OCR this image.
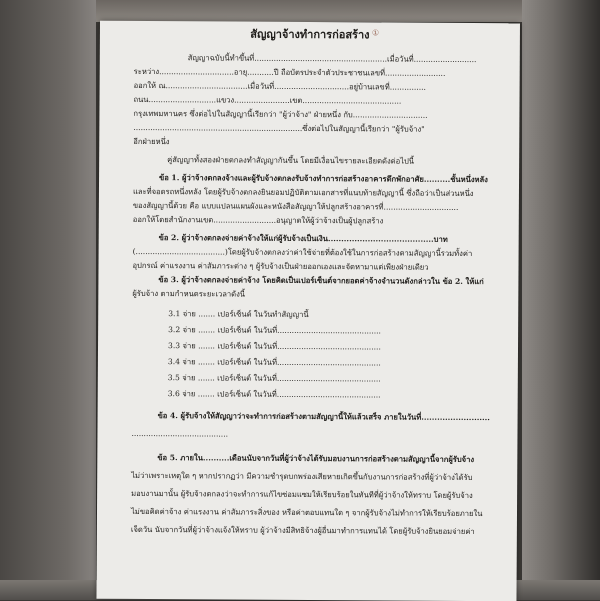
สัญญาจ้างทำการก่อสร้าง ①
สัญญาฉบับนี้ทำขึ้นที่.......................................................เมื่อวันที่..........................
ระหว่าง...............................อายุ...........ปี ถือบัตรประจำตัวประชาชนเลขที่.........................
ออกให้ ณ..................................เมื่อวันที่...............................อยู่บ้านเลขที่...............
ถนน............................แขวง.......................เขต.........................................
กรุงเทพมหานคร ซึ่งต่อไปในสัญญานี้เรียกว่า "ผู้ว่าจ้าง" ฝ่ายหนึ่ง กับ...............................
......................................................................ซึ่งต่อไปในสัญญานี้เรียกว่า "ผู้รับจ้าง"
อีกฝ่ายหนึ่ง
คู่สัญญาทั้งสองฝ่ายตกลงทำสัญญากันขึ้น โดยมีเงื่อนไขรายละเอียดดังต่อไปนี้
ข้อ 1. ผู้ว่าจ้างตกลงจ้างและผู้รับจ้างตกลงรับจ้างทำการก่อสร้างอาคารตึกพักอาศัย..........ชั้นหนึ่งหลัง
และที่จอดรถหนึ่งหลัง โดยผู้รับจ้างตกลงยินยอมปฏิบัติตามเอกสารที่แนบท้ายสัญญานี้ ซึ่งถือว่าเป็นส่วนหนึ่ง
ของสัญญานี้ด้วย คือ แบบแปลนแผนผังและหนังสือสัญญาให้ปลูกสร้างอาคารที่...............................
ออกให้โดยสำนักงานเขต..........................อนุญาตให้ผู้ว่าจ้างเป็นผู้ปลูกสร้าง
ข้อ 2. ผู้ว่าจ้างตกลงจ่ายค่าจ้างให้แก่ผู้รับจ้างเป็นเงิน........................................บาท
(.....................................)โดยผู้รับจ้างตกลงว่าค่าใช้จ่ายที่ต้องใช้ในการก่อสร้างตามสัญญานี้รวมทั้งค่า
อุปกรณ์ ค่าแรงงาน ค่าสัมภาระต่าง ๆ ผู้รับจ้างเป็นฝ่ายออกเองและจัดหามาแต่เพียงฝ่ายเดียว
ข้อ 3. ผู้ว่าจ้างตกลงจ่ายค่าจ้าง โดยคิดเป็นเปอร์เซ็นต์จากยอดค่าจ้างจำนวนดังกล่าวใน ข้อ 2. ให้แก่
ผู้รับจ้าง ตามกำหนดระยะเวลาดังนี้
3.1 จ่าย ....... เปอร์เซ็นต์ ในวันทำสัญญานี้
3.2 จ่าย ....... เปอร์เซ็นต์ ในวันที่...........................................
3.3 จ่าย ....... เปอร์เซ็นต์ ในวันที่...........................................
3.4 จ่าย ....... เปอร์เซ็นต์ ในวันที่...........................................
3.5 จ่าย ....... เปอร์เซ็นต์ ในวันที่...........................................
3.6 จ่าย ....... เปอร์เซ็นต์ ในวันที่...........................................
ข้อ 4. ผู้รับจ้างให้สัญญาว่าจะทำการก่อสร้างตามสัญญานี้ให้แล้วเสร็จ ภายในวันที่..........................
........................................
ข้อ 5. ภายใน..........เดือนนับจากวันที่ผู้ว่าจ้างได้รับมอบงานการก่อสร้างตามสัญญานี้จากผู้รับจ้าง
ไม่ว่าเพราะเหตุใด ๆ หากปรากฏว่า มีความชำรุดบกพร่องเสียหายเกิดขึ้นกับงานการก่อสร้างที่ผู้ว่าจ้างได้รับ
มอบงานมานั้น ผู้รับจ้างตกลงว่าจะทำการแก้ไขซ่อมแซมให้เรียบร้อยในทันทีที่ผู้ว่าจ้างให้ทราบ โดยผู้รับจ้าง
ไม่ขอคิดค่าจ้าง ค่าแรงงาน ค่าสัมภาระสิ่งของ หรือค่าตอบแทนใด ๆ จากผู้รับจ้างไม่ทำการให้เรียบร้อยภายใน
เจ็ดวัน นับจากวันที่ผู้ว่าจ้างแจ้งให้ทราบ ผู้ว่าจ้างมีสิทธิจ้างผู้อื่นมาทำการแทนได้ โดยผู้รับจ้างยินยอมจ่ายค่า
